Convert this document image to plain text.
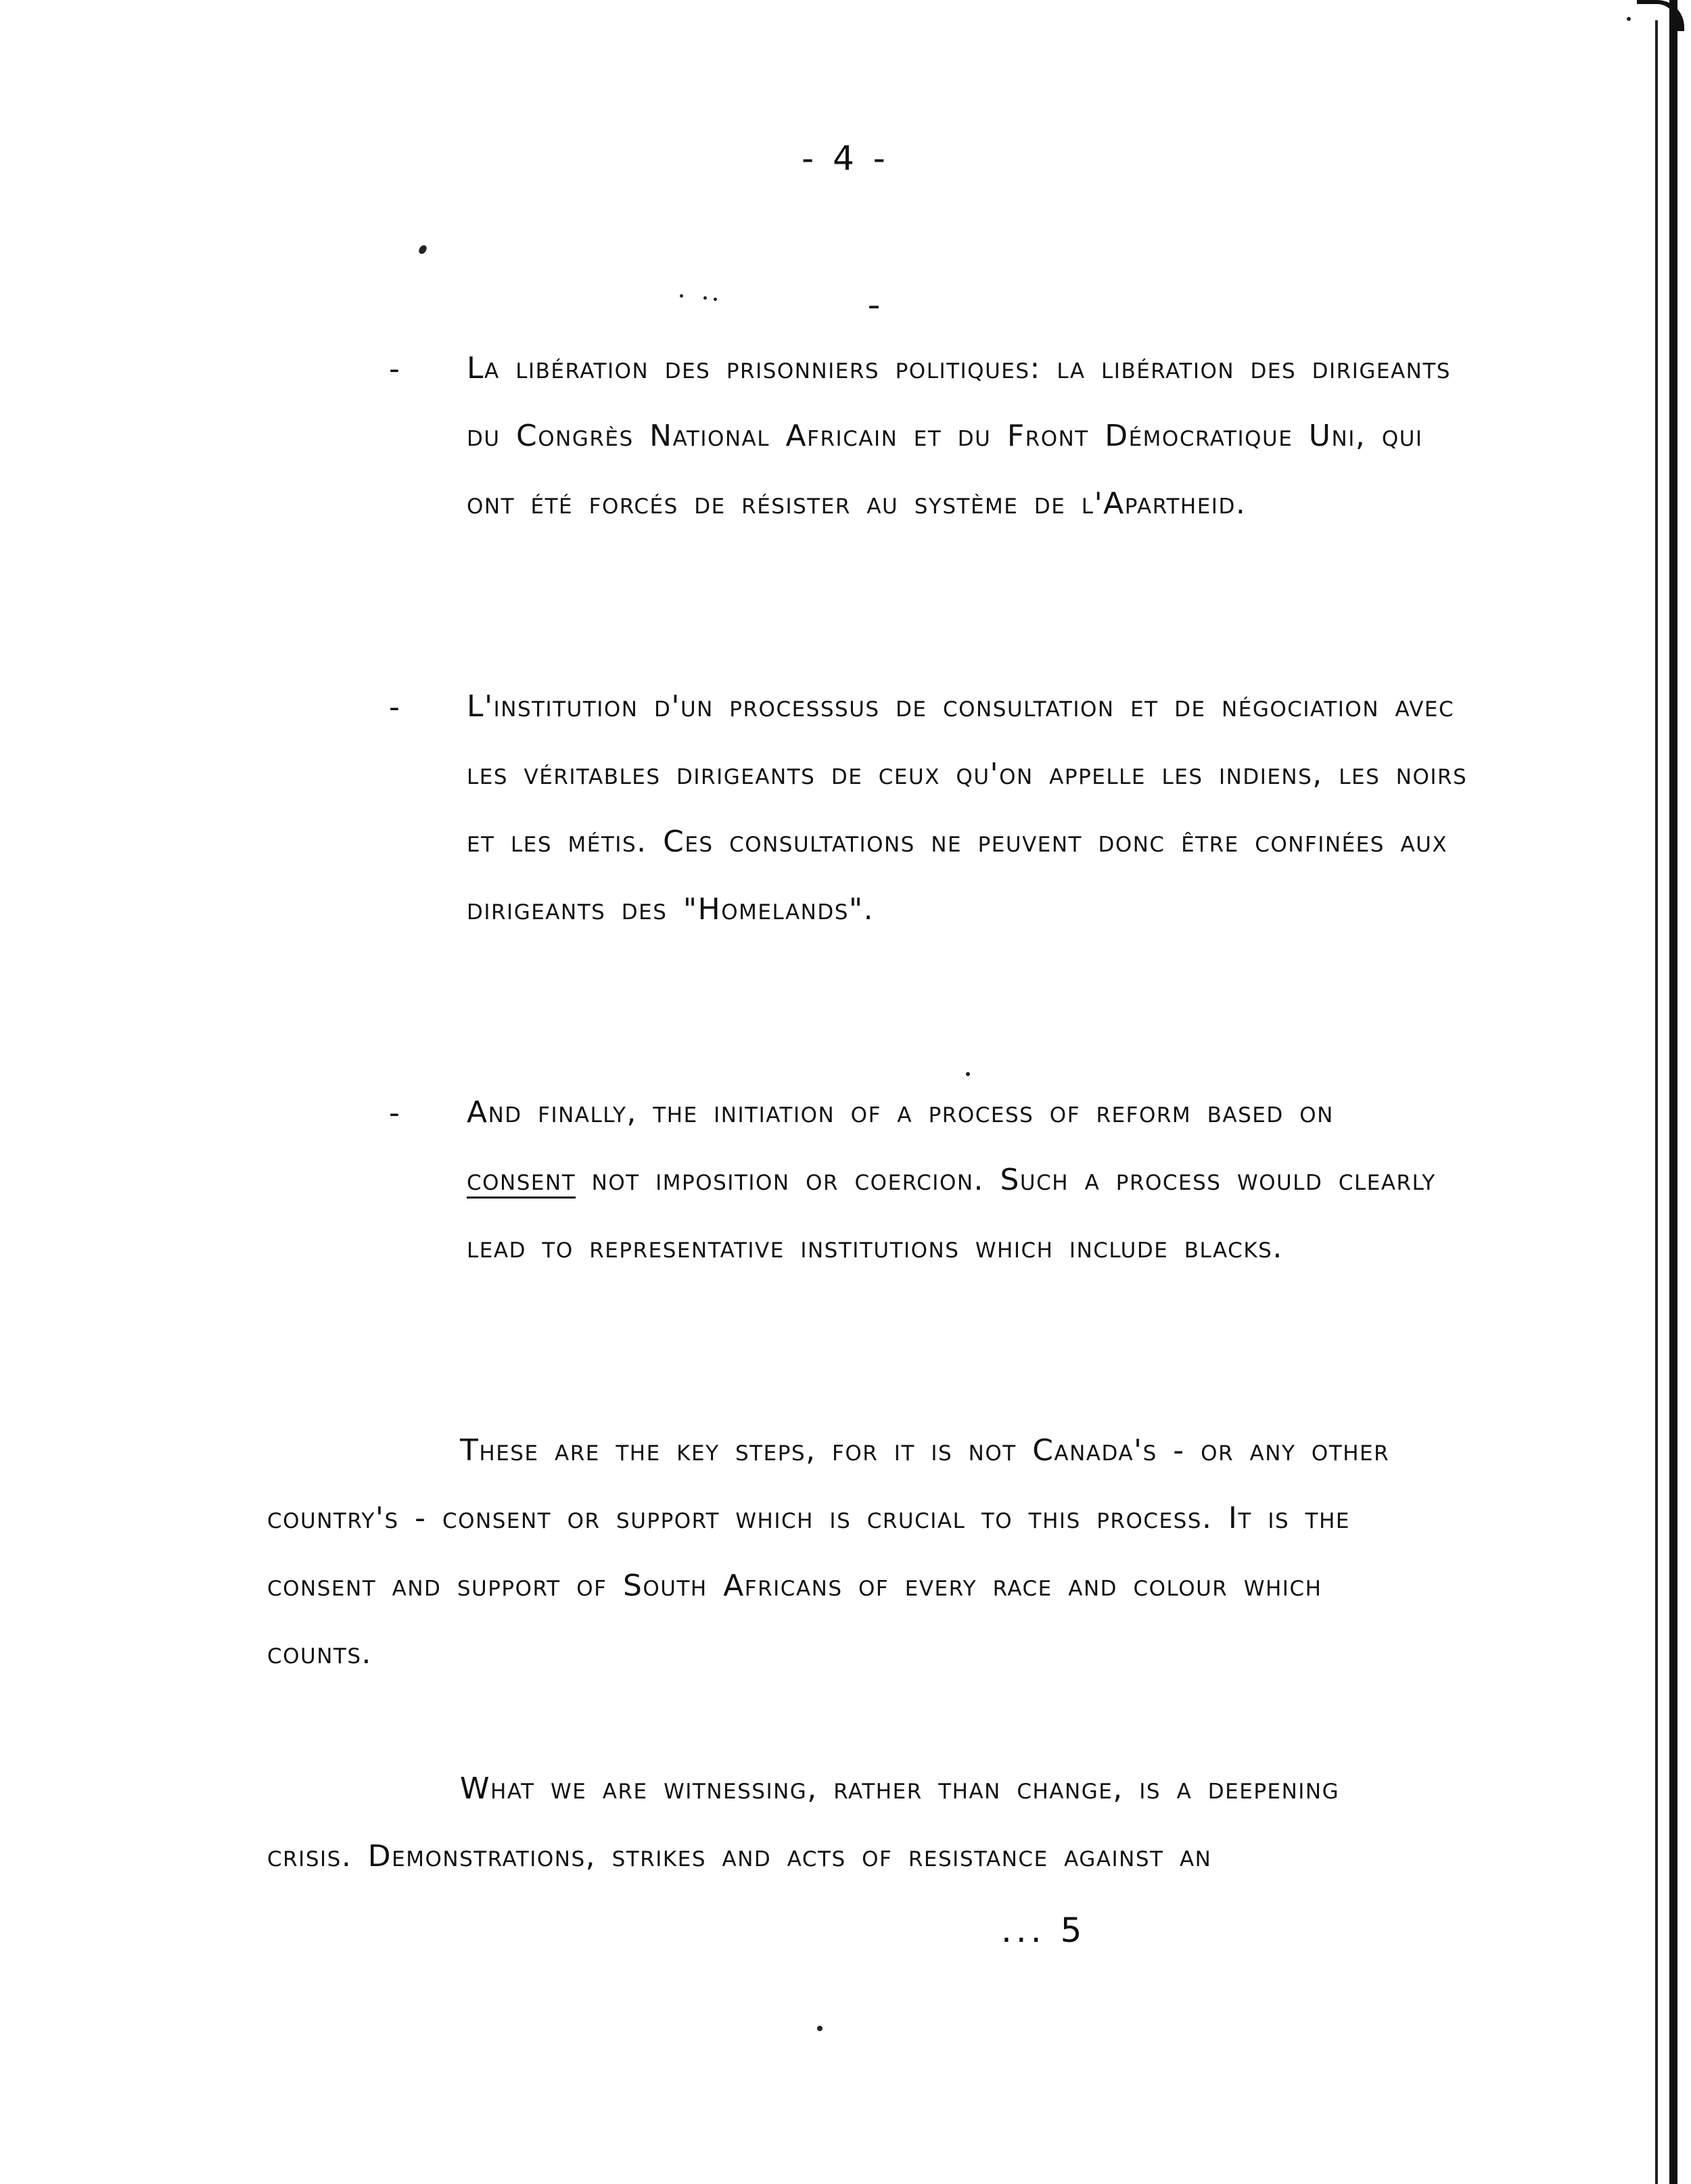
- 4 -
- La libération des prisonniers politiques: la libération des dirigeants du Congrès National Africain et du Front Démocratique Uni, qui ont été forcés de résister au système de l'Apartheid.
- L'institution d'un processsus de consultation et de négociation avec les véritables dirigeants de ceux qu'on appelle les indiens, les noirs et les métis. Ces consultations ne peuvent donc être confinées aux dirigeants des "Homelands".
- And finally, the initiation of a process of reform based on
consent not imposition or coercion. Such a process would clearly lead to representative institutions which include blacks.
These are the key steps, for it is not Canada's - or any other country's - consent or support which is crucial to this process. It is the consent and support of South Africans of every race and colour which counts.
What we are witnessing, rather than change, is a deepening crisis. Demonstrations, strikes and acts of resistance against an
... 5
